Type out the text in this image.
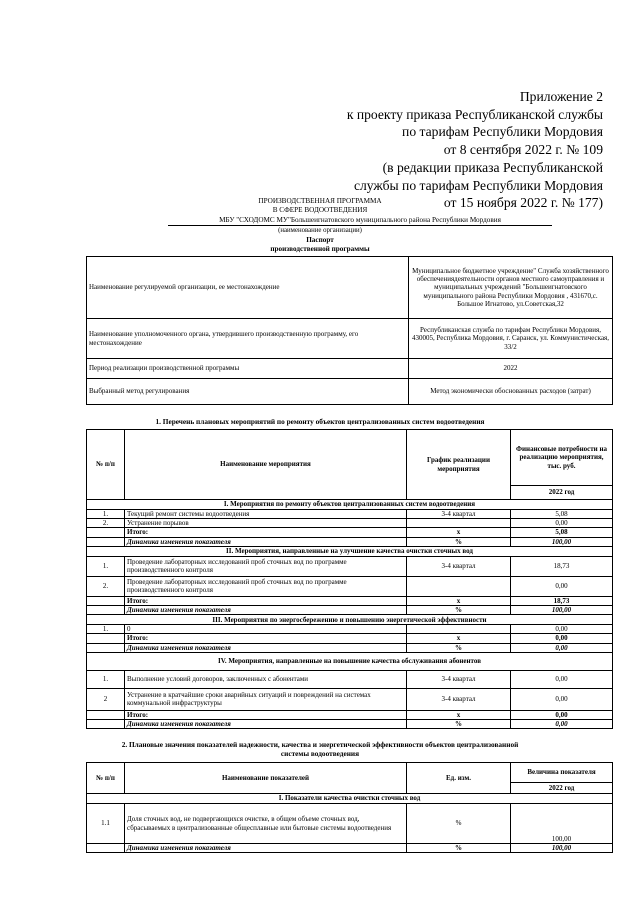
Приложение 2
к проекту приказа Республиканской службы
по тарифам Республики Мордовия
от 8 сентября 2022 г. № 109
(в редакции приказа Республиканской
службы по тарифам Республики Мордовия
от 15 ноября 2022 г. № 177)
ПРОИЗВОДСТВЕННАЯ ПРОГРАММА
В СФЕРЕ ВОДООТВЕДЕНИЯ
МБУ "СХОДОМС МУ"Большеигнатовского муниципального района Республики Мордовия
(наименование организации)
Паспорт
производственной программы
Наименование регулируемой организации, ее местонахождение	Муниципальное бюджетное учреждение" Служба хозяйственного обеспечениядеятельности органов местного самоуправления и муниципальных учреждений "Большеигнатовского муниципального района Республики Мордовия , 431670,с. Большое Игнатово, ул.Советская,32
Наименование уполномоченного органа, утвердившего производственную программу, его местонахождение	Республиканская служба по тарифам Республики Мордовия, 430005, Республика Мордовия, г. Саранск, ул. Коммунистическая, 33/2
Период реализации производственной программы	2022
Выбранный метод регулирования	Метод экономически обоснованных расходов (затрат)
1. Перечень плановых мероприятий по ремонту объектов централизованных систем водоотведения
№ п/п	Наименование мероприятия	График реализации мероприятия	Финансовые потребности на реализацию мероприятия, тыс. руб.
			2022 год
I. Мероприятия по ремонту объектов централизованных систем водоотведения			
1.	Текущий ремонт системы водоотведения	3-4 квартал	5,08
2.	Устранение порывов		0,00
	Итого:	х	5,08
	Динамика изменения показателя	%	100,00
II. Мероприятия, направленные на улучшение качества очистки сточных вод			
1.	Проведение лабораторных исследований проб сточных вод по программе производственного контроля	3-4 квартал	18,73
2.	Проведение лабораторных исследований проб сточных вод по программе производственного контроля		0,00
	Итого:	х	18,73
	Динамика изменения показателя	%	100,00
III. Мероприятия по энергосбережению и повышению энергетической эффективности			
1.	0		0,00
	Итого:	х	0,00
	Динамика изменения показателя	%	0,00
IV. Мероприятия, направленные на повышение качества обслуживания абонентов			
1.	Выполнение условий договоров, заключенных с абонентами	3-4 квартал	0,00
2	Устранение в кратчайшие сроки аварийных ситуаций и повреждений на системах коммунальной инфраструктуры	3-4 квартал	0,00
	Итого:	х	0,00
	Динамика изменения показателя	%	0,00
2. Плановые значения показателей надежности, качества и энергетической эффективности объектов централизованной
системы водоотведения
№ п/п	Наименование показателей	Ед. изм.	Величина показателя
			2022 год
I. Показатели качества очистки сточных вод			
1.1	Доля сточных вод, не подвергающихся очистке, в общем объеме сточных вод, сбрасываемых в централизованные общесплавные или бытовые системы водоотведения	%	100,00
	Динамика изменения показателя	%	100,00
